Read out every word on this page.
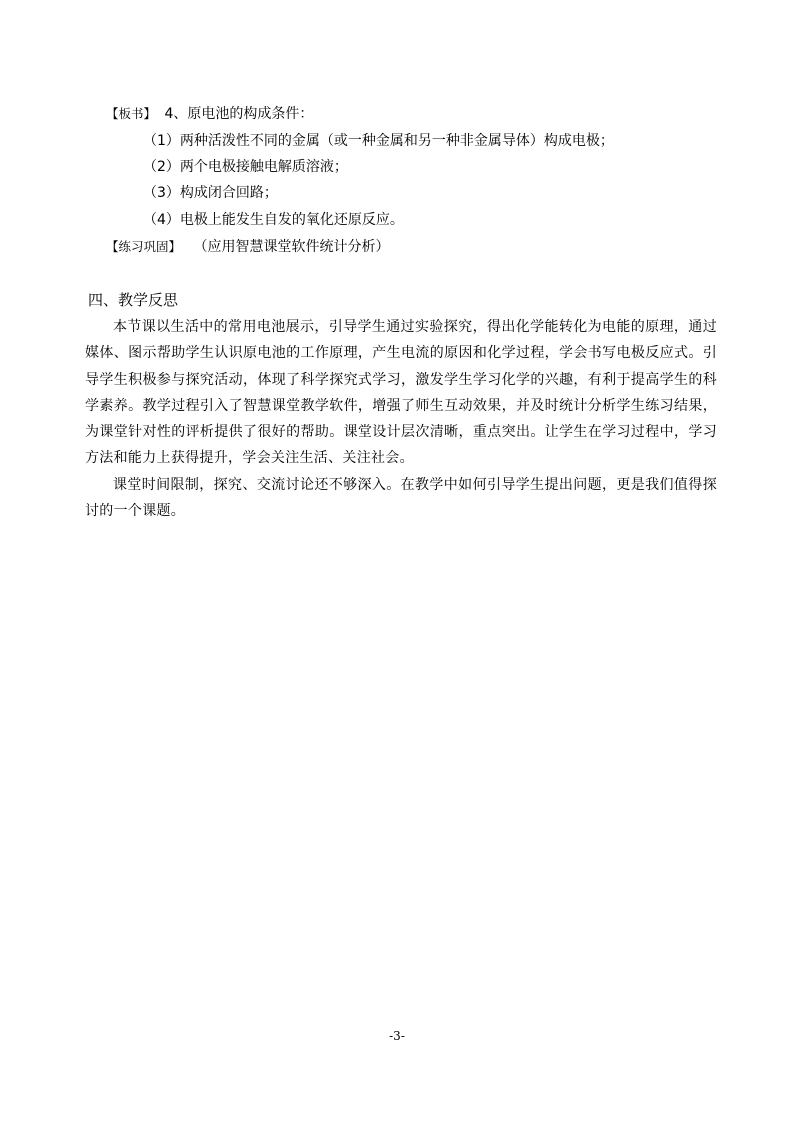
【板书】 4、原电池的构成条件：
（1）两种活泼性不同的金属（或一种金属和另一种非金属导体）构成电极；
（2）两个电极接触电解质溶液；
（3）构成闭合回路；
（4）电极上能发生自发的氧化还原反应。
【练习巩固】 （应用智慧课堂软件统计分析）
四、教学反思
本节课以生活中的常用电池展示，引导学生通过实验探究，得出化学能转化为电能的原理，通过媒体、图示帮助学生认识原电池的工作原理，产生电流的原因和化学过程，学会书写电极反应式。引导学生积极参与探究活动，体现了科学探究式学习，激发学生学习化学的兴趣，有利于提高学生的科学素养。教学过程引入了智慧课堂教学软件，增强了师生互动效果，并及时统计分析学生练习结果，为课堂针对性的评析提供了很好的帮助。课堂设计层次清晰，重点突出。让学生在学习过程中，学习方法和能力上获得提升，学会关注生活、关注社会。
课堂时间限制，探究、交流讨论还不够深入。在教学中如何引导学生提出问题，更是我们值得探讨的一个课题。
-3-
